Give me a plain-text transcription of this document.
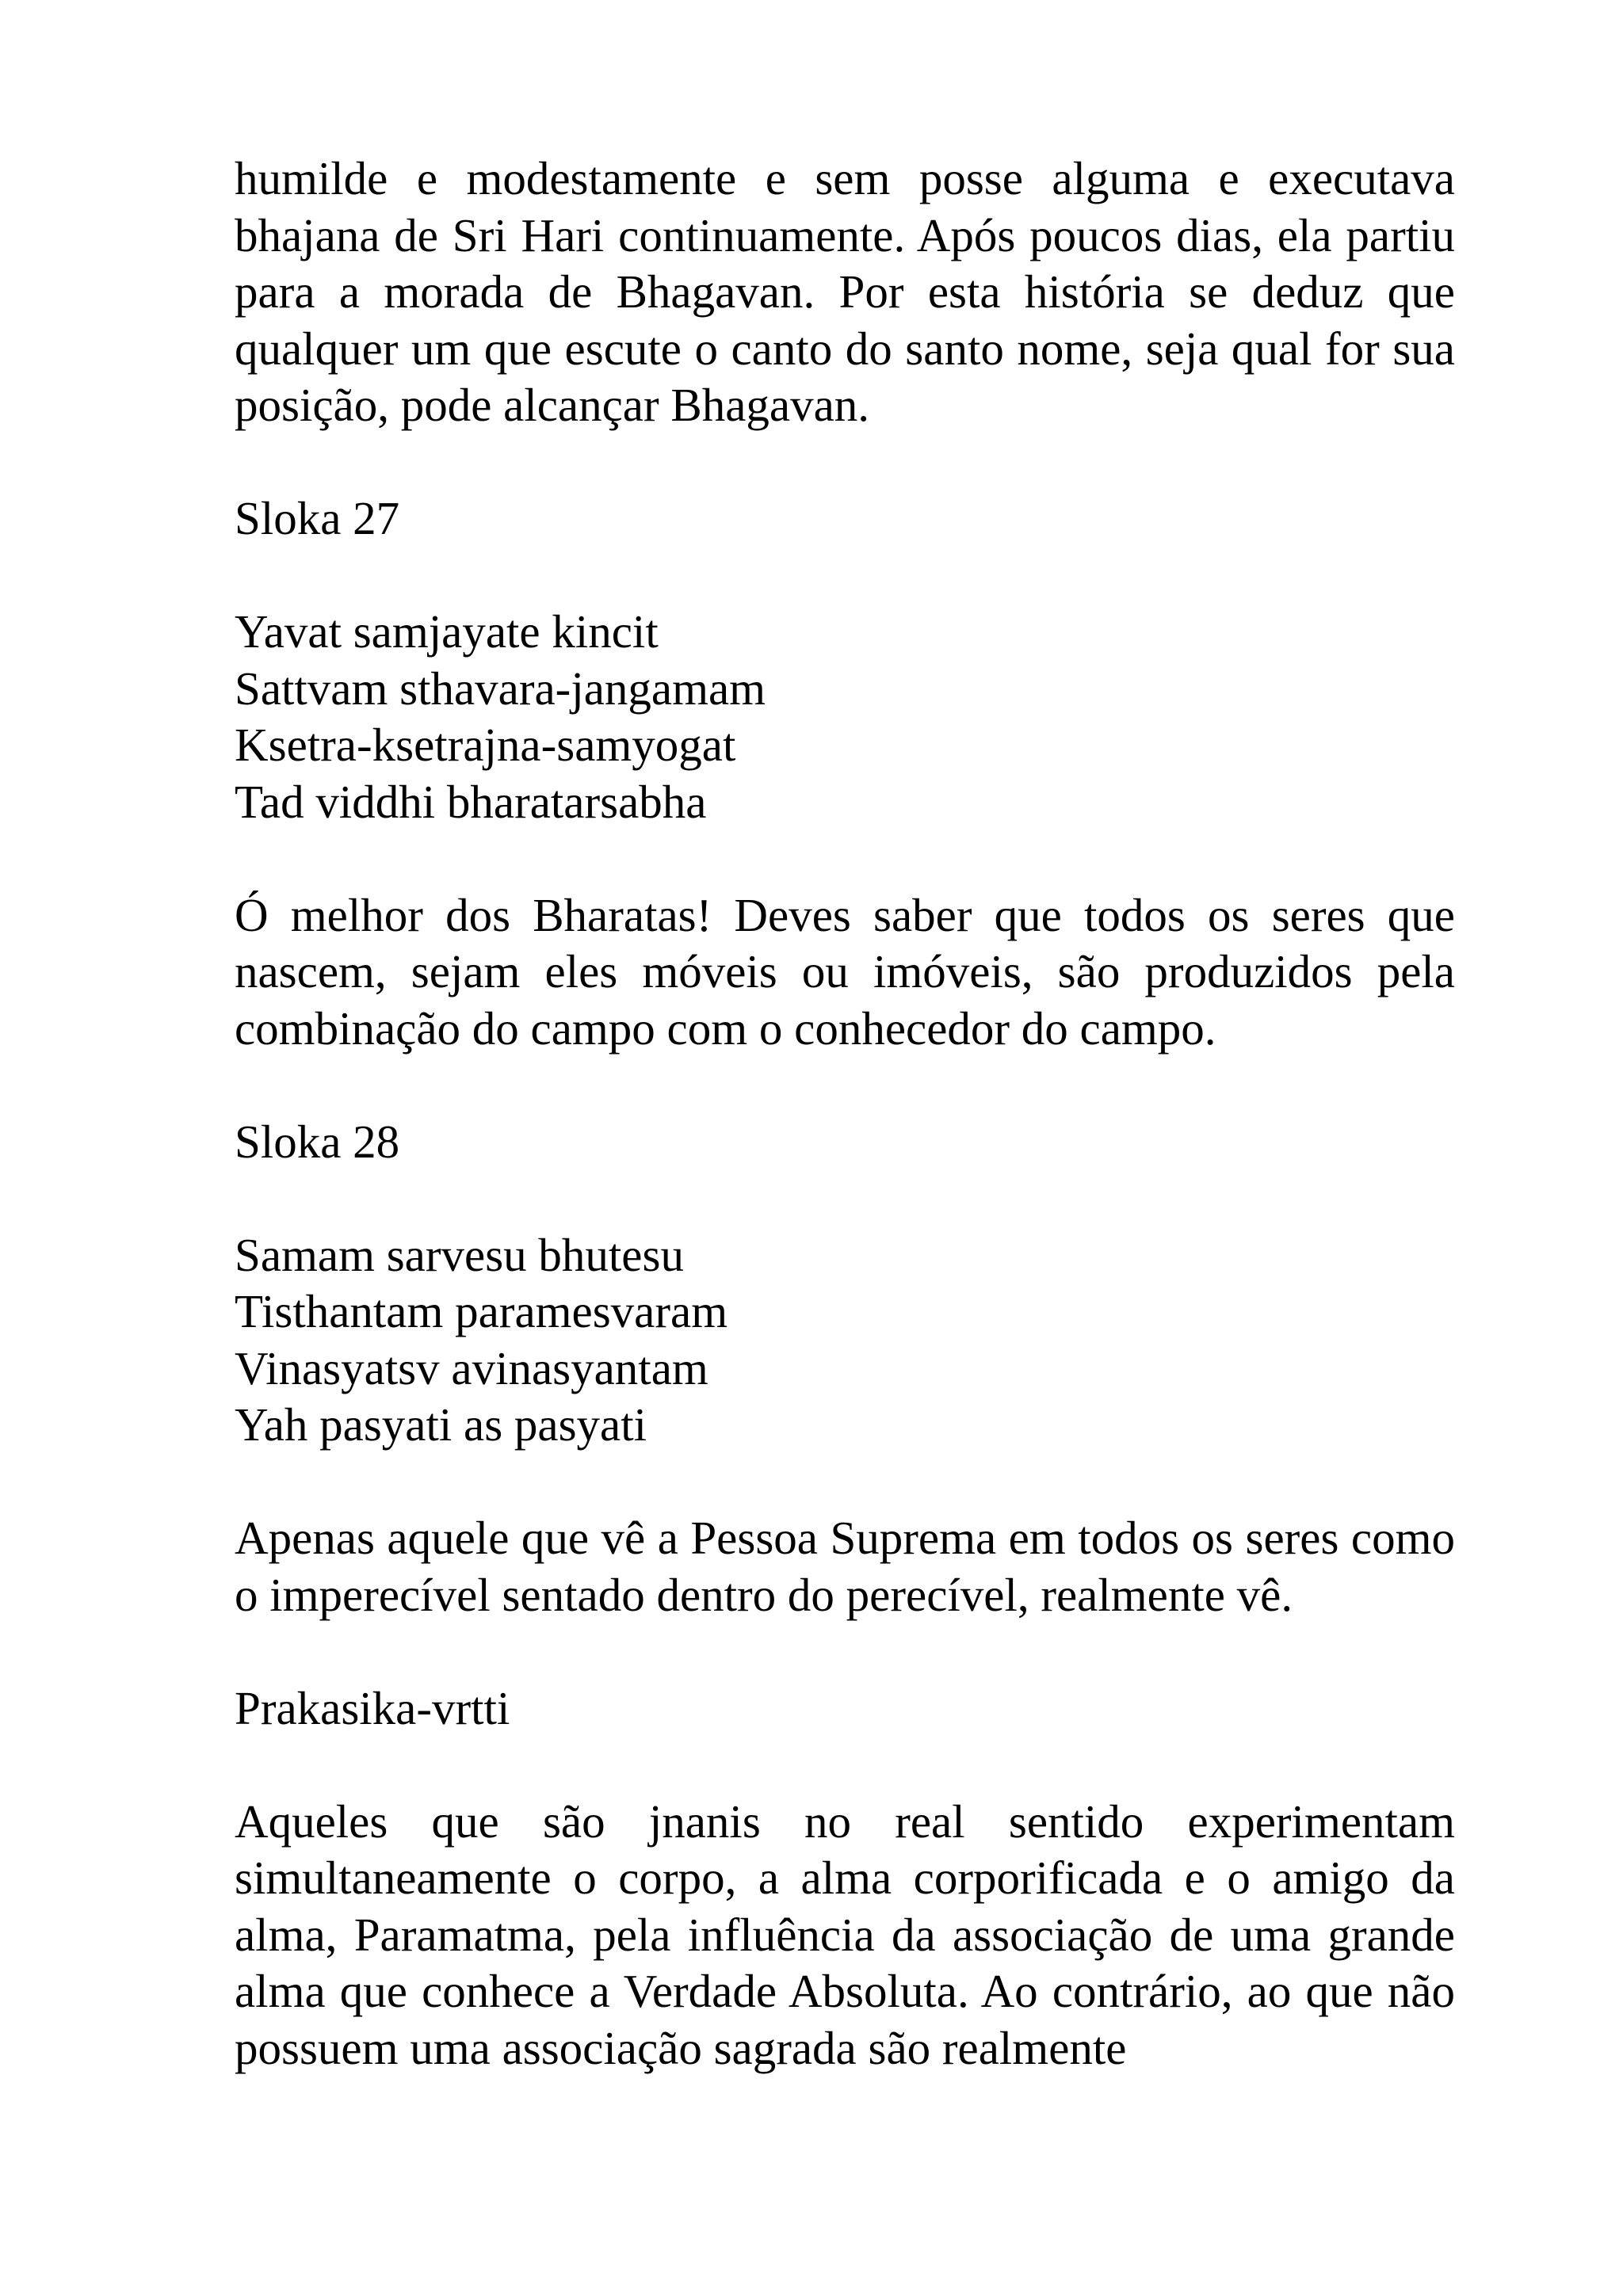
humilde e modestamente e sem posse alguma e executava bhajana de Sri Hari continuamente. Após poucos dias, ela partiu para a morada de Bhagavan. Por esta história se deduz que qualquer um que escute o canto do santo nome, seja qual for sua posição, pode alcançar Bhagavan.

Sloka 27
Yavat samjayate kincit
Sattvam sthavara-jangamam
Ksetra-ksetrajna-samyogat
Tad viddhi bharatarsabha

Ó melhor dos Bharatas! Deves saber que todos os seres que nascem, sejam eles móveis ou imóveis, são produzidos pela combinação do campo com o conhecedor do campo.

Sloka 28
Samam sarvesu bhutesu
Tisthantam paramesvaram
Vinasyatsv avinasyantam
Yah pasyati as pasyati

Apenas aquele que vê a Pessoa Suprema em todos os seres como o imperecível sentado dentro do perecível, realmente vê.

Prakasika-vrtti

Aqueles que são jnanis no real sentido experimentam simultaneamente o corpo, a alma corporificada e o amigo da alma, Paramatma, pela influência da associação de uma grande alma que conhece a Verdade Absoluta. Ao contrário, ao que não possuem uma associação sagrada são realmente
